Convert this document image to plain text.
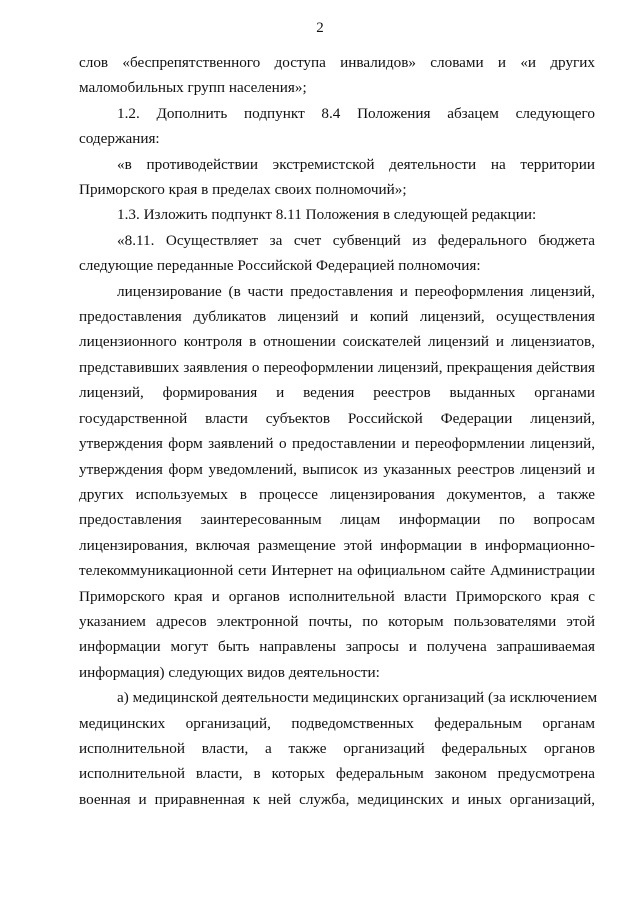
2
слов «беспрепятственного доступа инвалидов» словами и «и других
маломобильных групп населения»;
1.2. Дополнить подпункт 8.4 Положения абзацем следующего
содержания:
«в противодействии экстремистской деятельности на территории
Приморского края в пределах своих полномочий»;
1.3. Изложить подпункт 8.11 Положения в следующей редакции:
«8.11. Осуществляет за счет субвенций из федерального бюджета
следующие переданные Российской Федерацией полномочия:
лицензирование (в части предоставления и переоформления лицензий,
предоставления дубликатов лицензий и копий лицензий, осуществления
лицензионного контроля в отношении соискателей лицензий и лицензиатов,
представивших заявления о переоформлении лицензий, прекращения действия
лицензий, формирования и ведения реестров выданных органами
государственной власти субъектов Российской Федерации лицензий,
утверждения форм заявлений о предоставлении и переоформлении лицензий,
утверждения форм уведомлений, выписок из указанных реестров лицензий и
других используемых в процессе лицензирования документов, а также
предоставления заинтересованным лицам информации по вопросам
лицензирования, включая размещение этой информации в информационно-
телекоммуникационной сети Интернет на официальном сайте Администрации
Приморского края и органов исполнительной власти Приморского края с
указанием адресов электронной почты, по которым пользователями этой
информации могут быть направлены запросы и получена запрашиваемая
информация) следующих видов деятельности:
а) медицинской деятельности медицинских организаций (за исключением
медицинских организаций, подведомственных федеральным органам
исполнительной власти, а также организаций федеральных органов
исполнительной власти, в которых федеральным законом предусмотрена
военная и приравненная к ней служба, медицинских и иных организаций,
